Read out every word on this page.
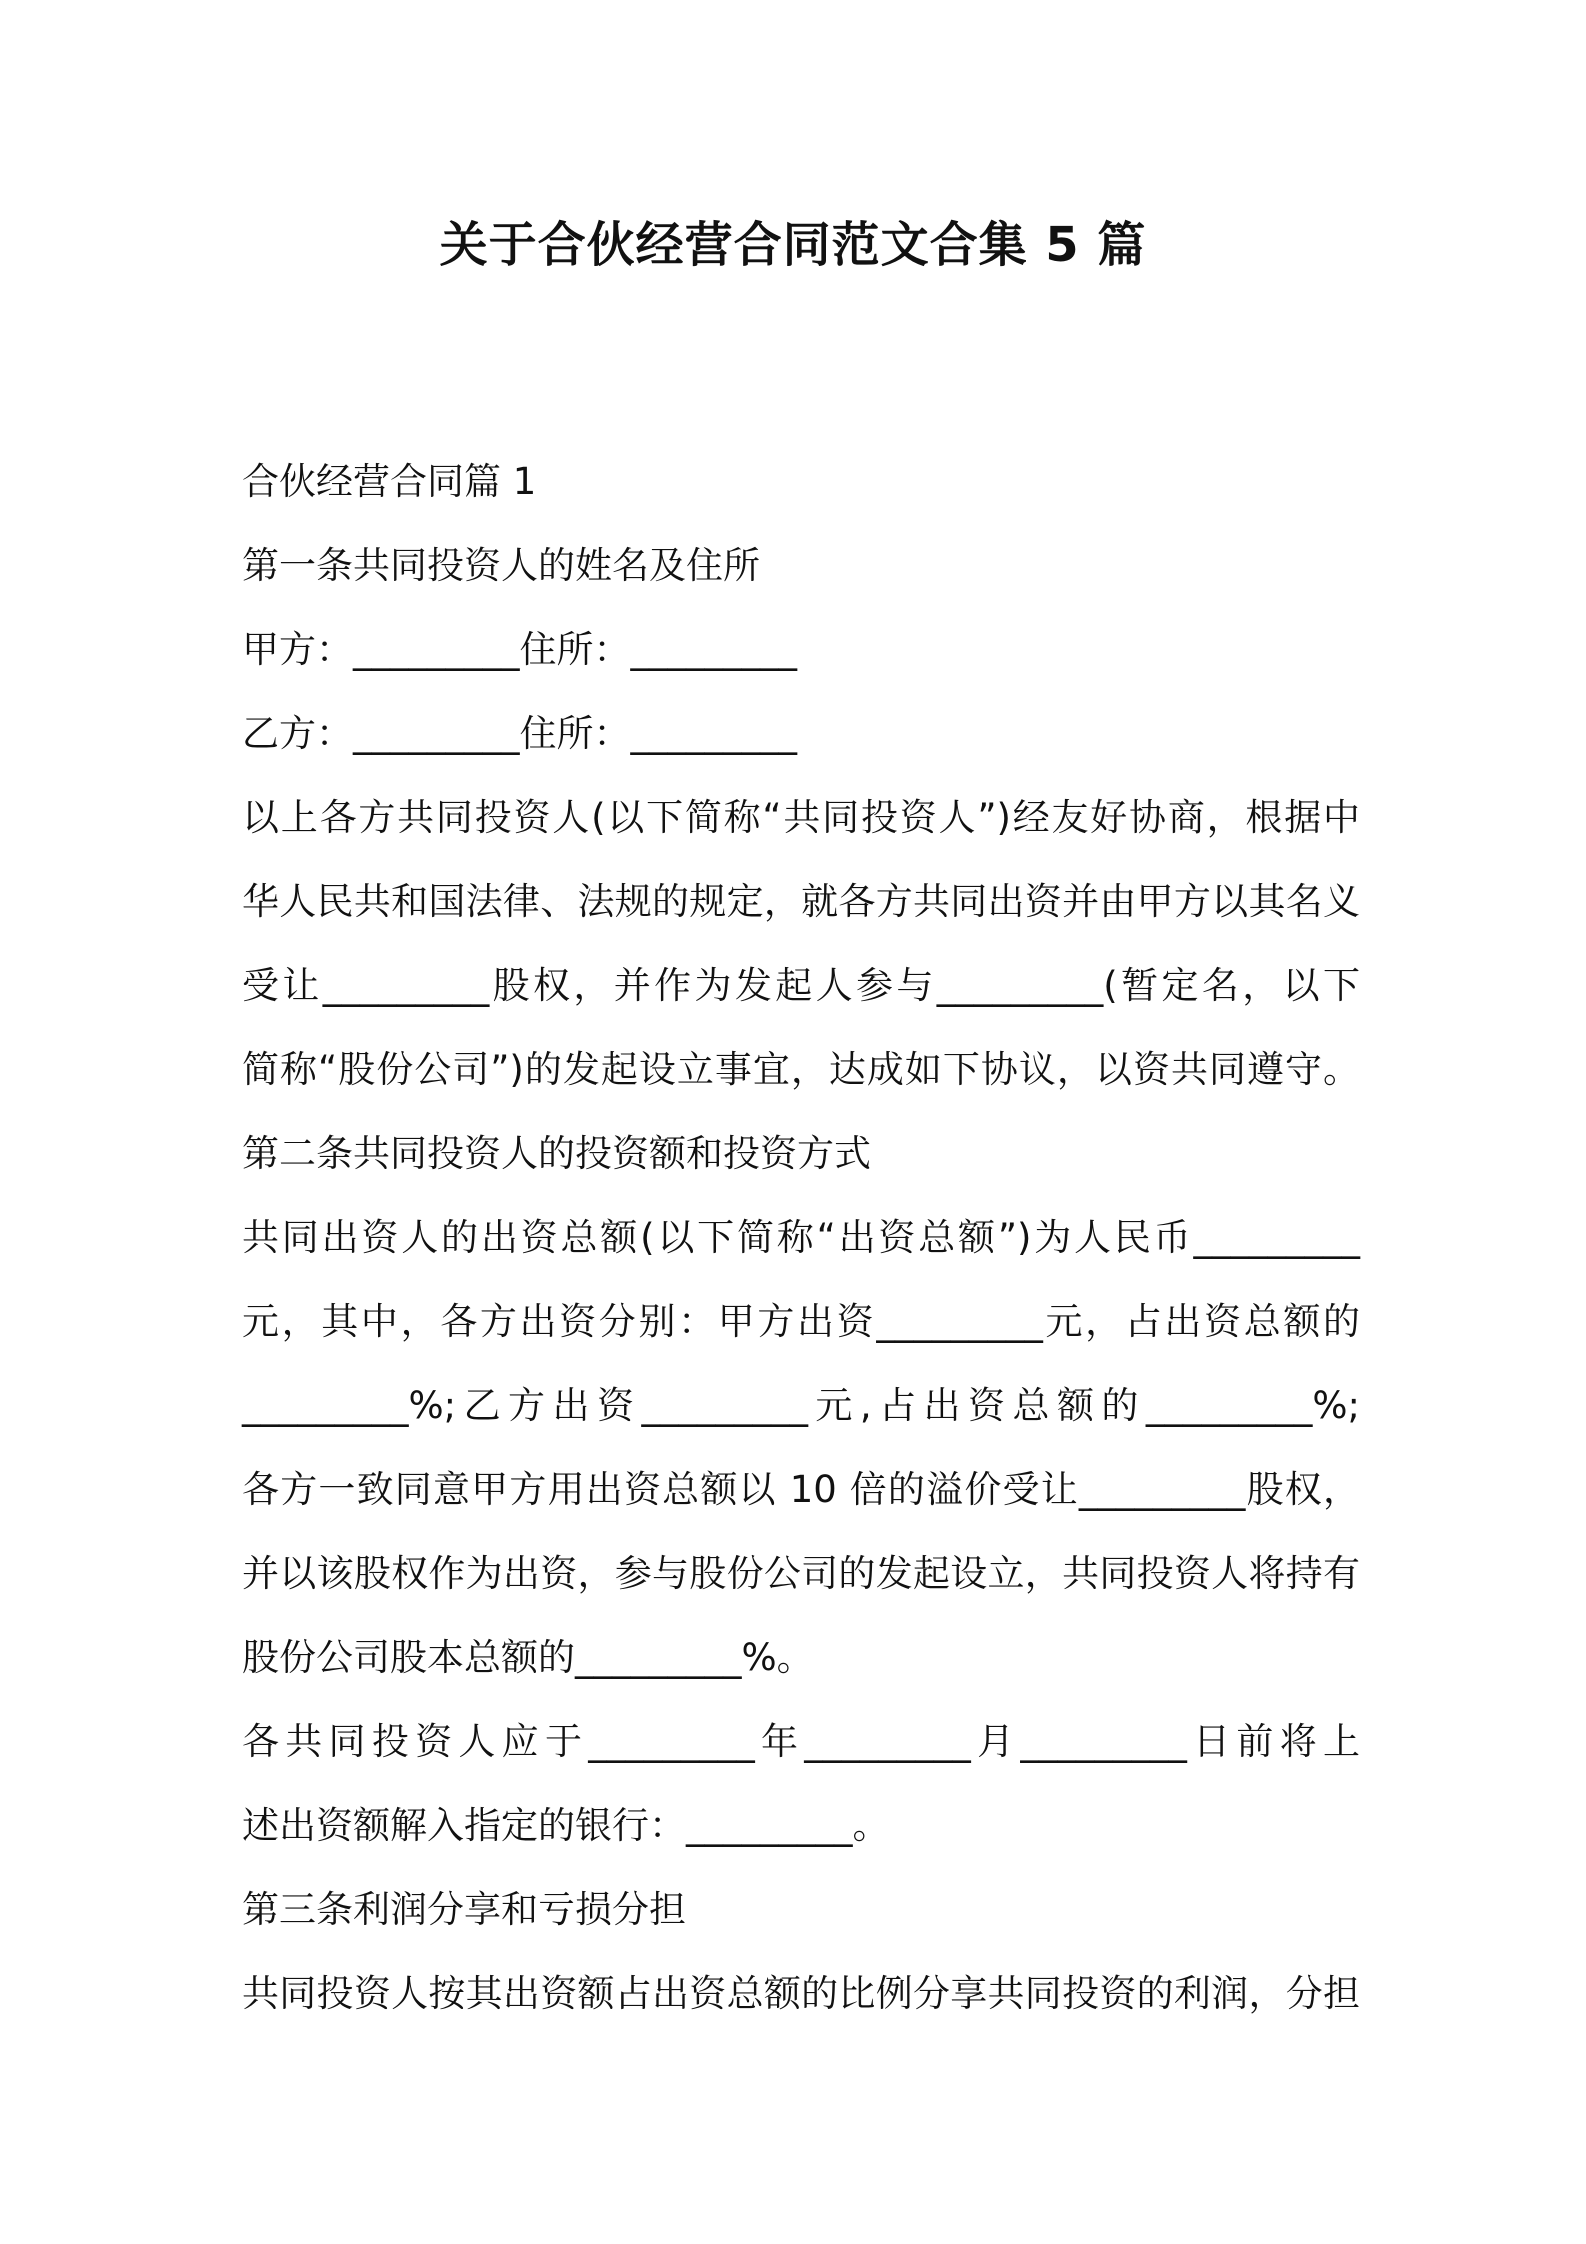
关于合伙经营合同范文合集 5 篇
合伙经营合同篇 1
第一条共同投资人的姓名及住所
甲方：_________住所：_________
乙方：_________住所：_________
以上各方共同投资人(以下简称“共同投资人”)经友好协商，根据中
华人民共和国法律、法规的规定，就各方共同出资并由甲方以其名义
受让_________股权，并作为发起人参与_________(暂定名，以下
简称“股份公司”)的发起设立事宜，达成如下协议，以资共同遵守。
第二条共同投资人的投资额和投资方式
共同出资人的出资总额(以下简称“出资总额”)为人民币_________
元，其中，各方出资分别：甲方出资_________元，占出资总额的
_________%;乙方出资_________元,占出资总额的_________%;
各方一致同意甲方用出资总额以 10 倍的溢价受让_________股权，
并以该股权作为出资，参与股份公司的发起设立，共同投资人将持有
股份公司股本总额的_________%。
各共同投资人应于_________年_________月_________日前将上
述出资额解入指定的银行：_________。
第三条利润分享和亏损分担
共同投资人按其出资额占出资总额的比例分享共同投资的利润，分担
